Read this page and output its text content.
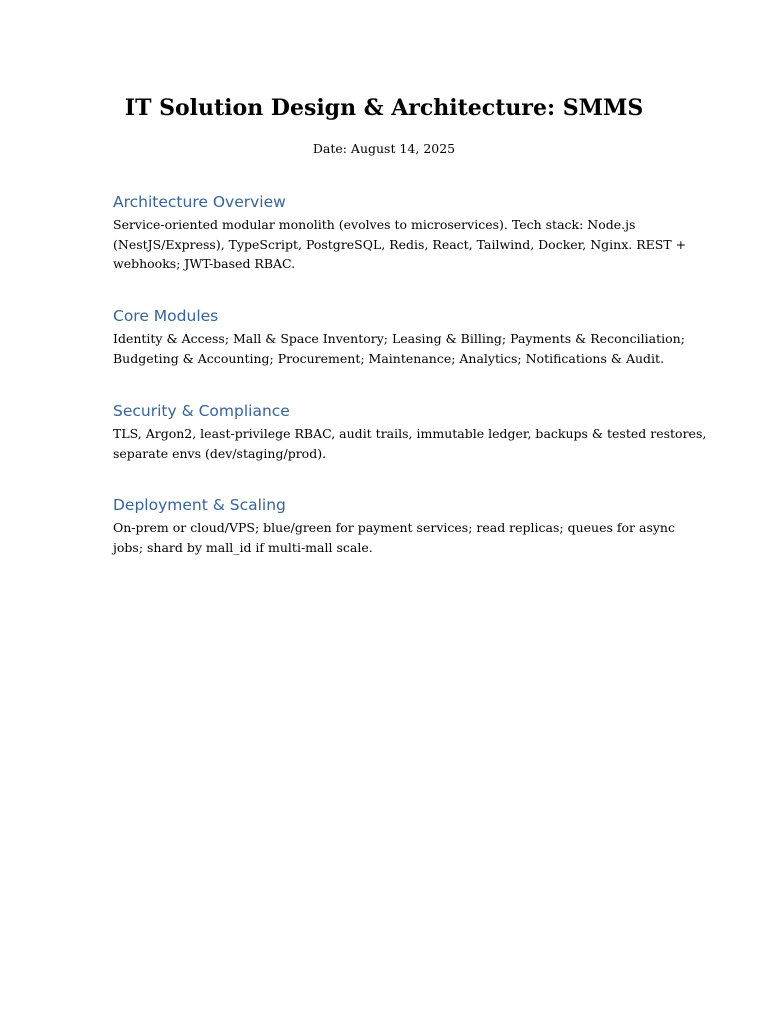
IT Solution Design & Architecture: SMMS

Date: August 14, 2025

Architecture Overview

Service-oriented modular monolith (evolves to microservices). Tech stack: Node.js
(NestJS/Express), TypeScript, PostgreSQL, Redis, React, Tailwind, Docker, Nginx. REST +
webhooks; JWT-based RBAC.

Core Modules

Identity & Access; Mall & Space Inventory; Leasing & Billing; Payments & Reconciliation;
Budgeting & Accounting; Procurement; Maintenance; Analytics; Notifications & Audit.

Security & Compliance

TLS, Argon2, least-privilege RBAC, audit trails, immutable ledger, backups & tested restores,
separate envs (dev/staging/prod).

Deployment & Scaling

On-prem or cloud/VPS; blue/green for payment services; read replicas; queues for async
jobs; shard by mall_id if multi-mall scale.
